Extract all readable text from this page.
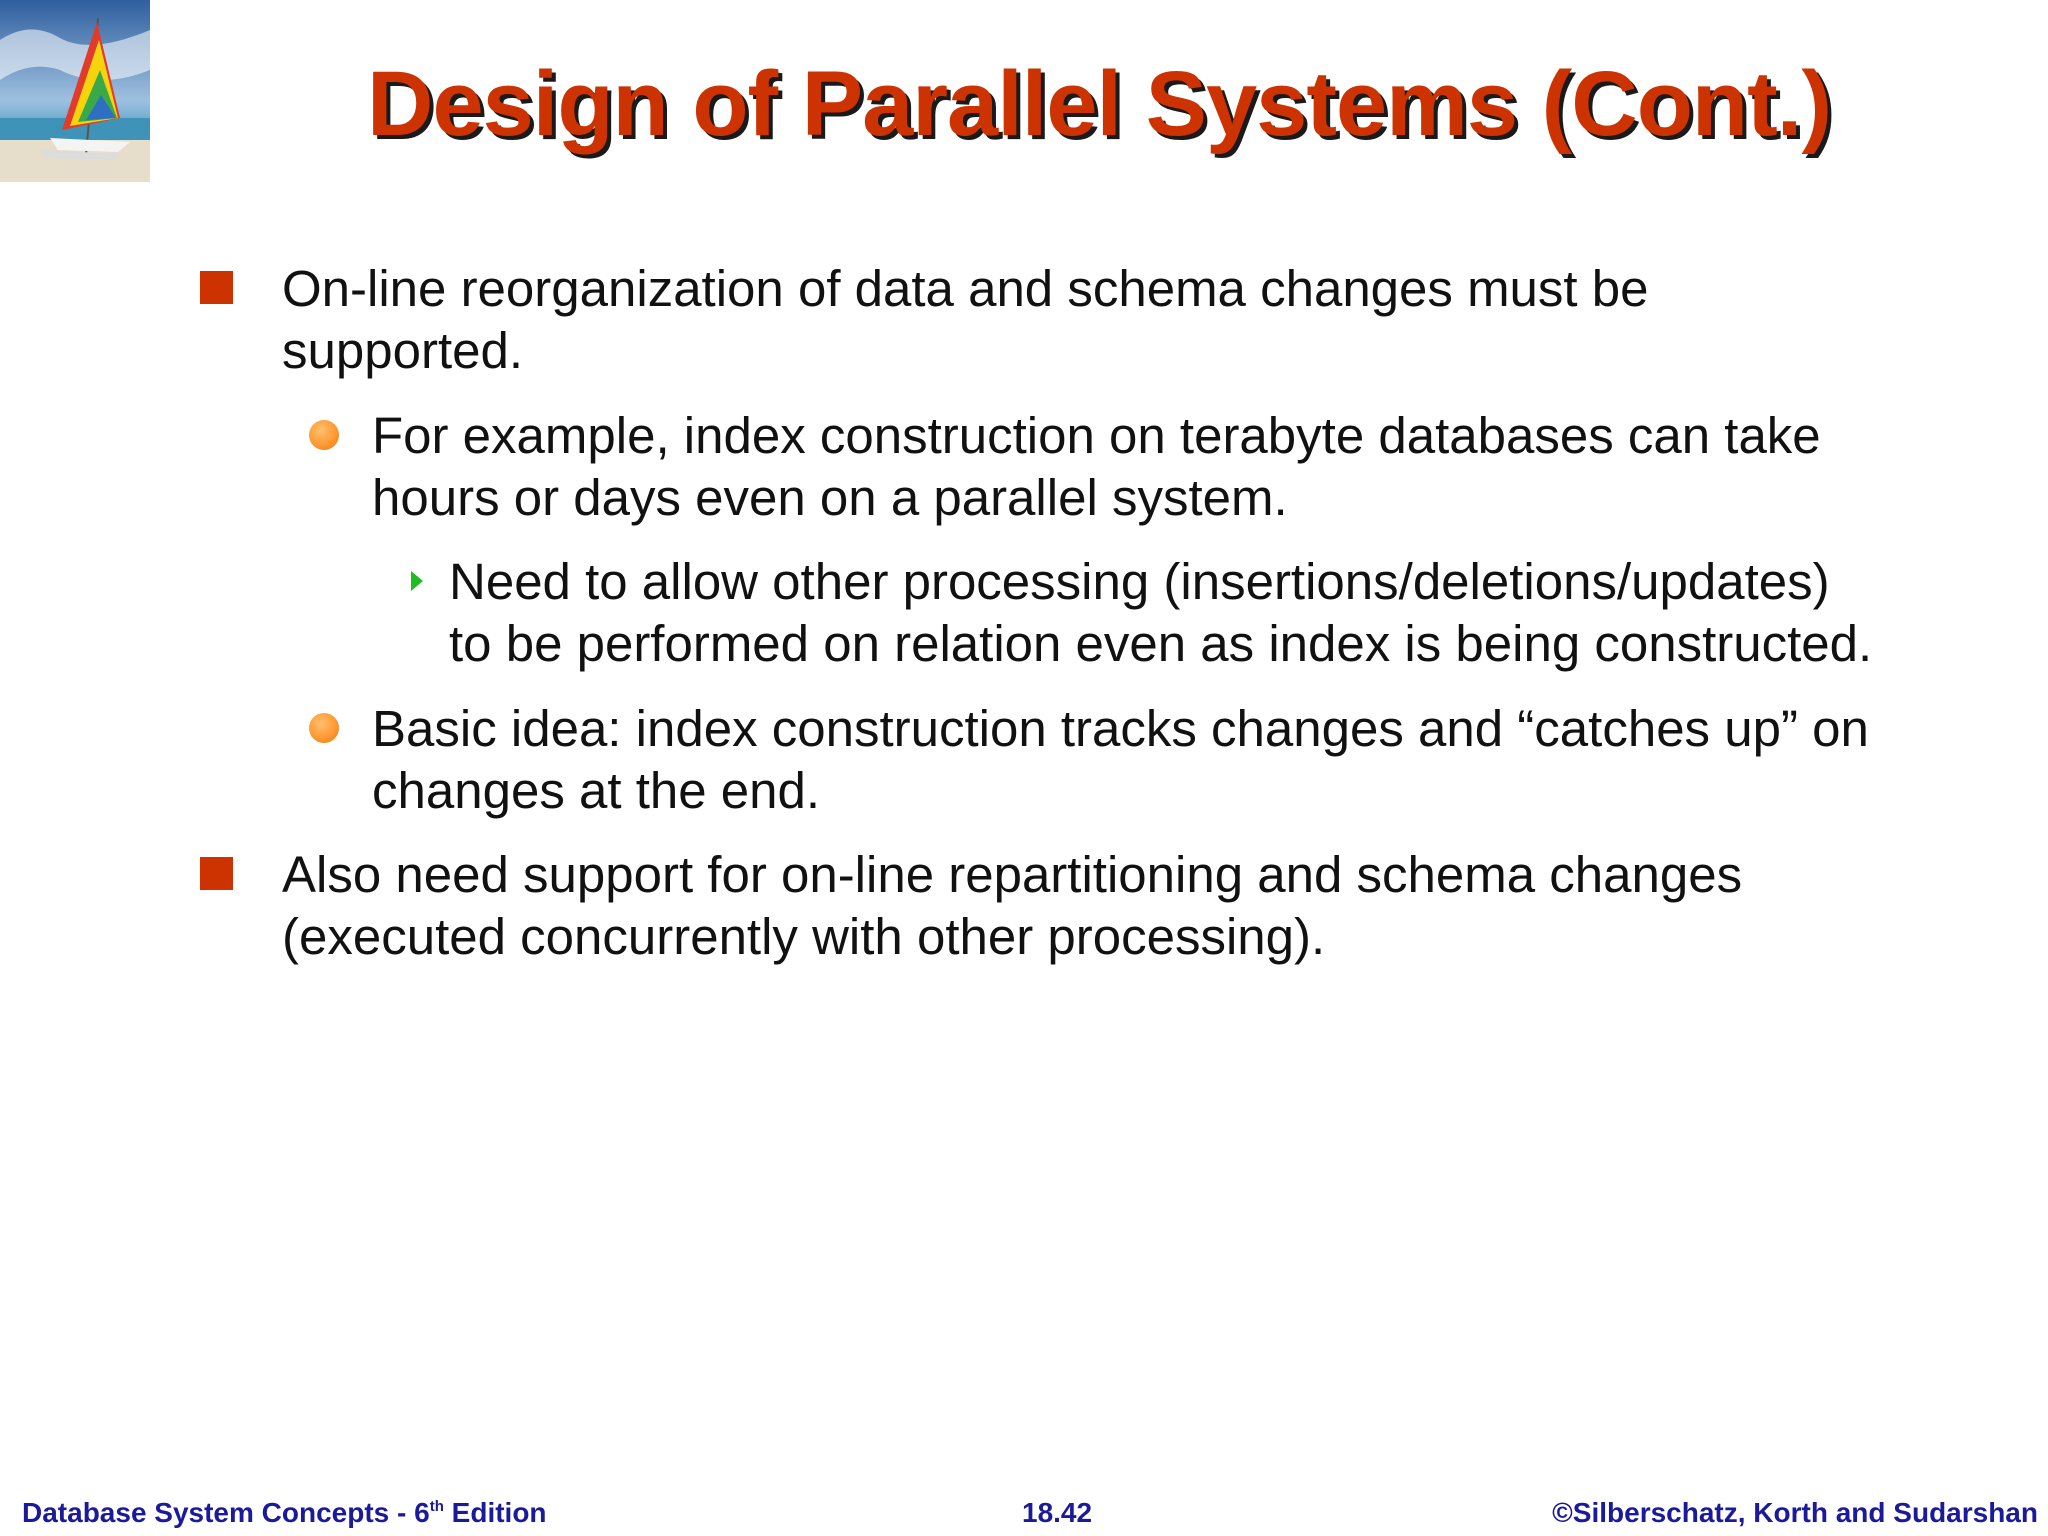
Design of Parallel Systems (Cont.)
On-line reorganization of data and schema changes must be
supported.
For example, index construction on terabyte databases can take
hours or days even on a parallel system.
Need to allow other processing (insertions/deletions/updates)
to be performed on relation even as index is being constructed.
Basic idea: index construction tracks changes and “catches up” on
changes at the end.
Also need support for on-line repartitioning and schema changes
(executed concurrently with other processing).
Database System Concepts - 6th Edition	18.42	©Silberschatz, Korth and Sudarshan
